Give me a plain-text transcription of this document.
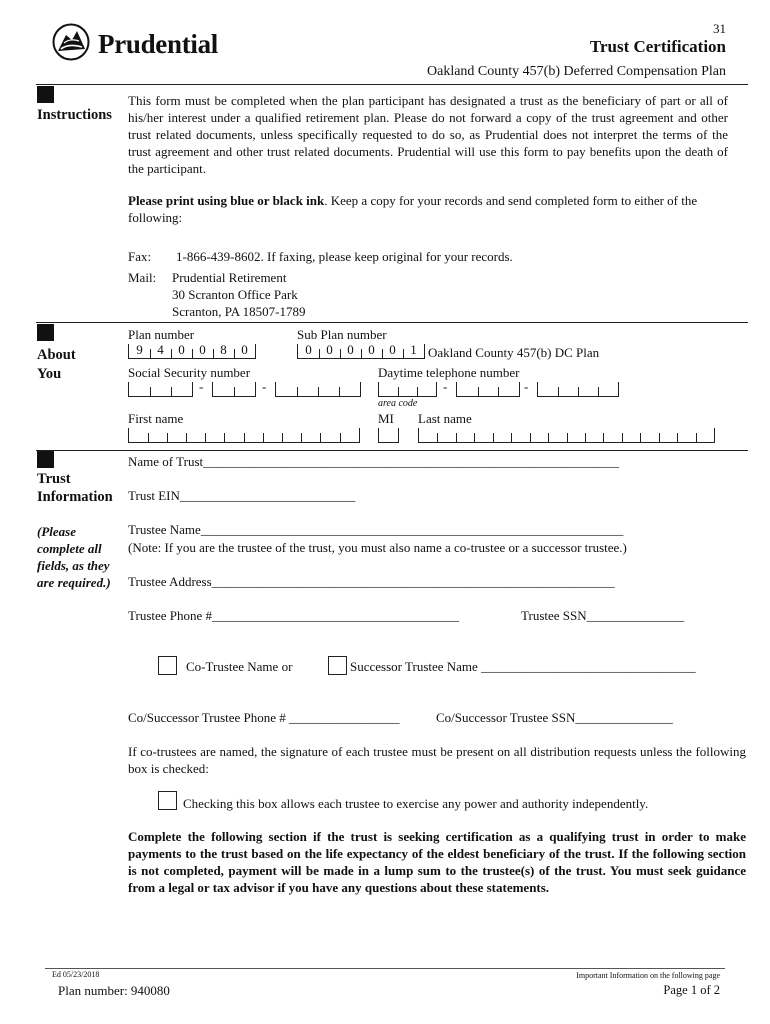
Prudential
31
Trust Certification
Oakland County 457(b) Deferred Compensation Plan
Instructions
This form must be completed when the plan participant has designated a trust as the beneficiary of part or all of his/her interest under a qualified retirement plan. Please do not forward a copy of the trust agreement and other trust related documents, unless specifically requested to do so, as Prudential does not interpret the terms of the trust agreement and other trust related documents. Prudential will use this form to pay benefits upon the death of the participant.
Please print using blue or black ink. Keep a copy for your records and send completed form to either of the following:
Fax: 1-866-439-8602. If faxing, please keep original for your records.
Mail: Prudential Retirement
30 Scranton Office Park
Scranton, PA 18507-1789
About
You
Plan number	Sub Plan number
9	4	0	0	8	0	0	0	0	0	0	1 Oakland County 457(b) DC Plan
Social Security number	Daytime telephone number
-	-	-	-
area code
First name	MI Last name
Trust
Information
(Please
complete all
fields, as they
are required.)
Name of Trust________________________________________________________________
Trust EIN___________________________
Trustee Name_________________________________________________________________
(Note: If you are the trustee of the trust, you must also name a co-trustee or a successor trustee.)
Trustee Address______________________________________________________________
Trustee Phone #______________________________________	Trustee SSN_______________
Co-Trustee Name or	Successor Trustee Name _________________________________
Co/Successor Trustee Phone # _________________	Co/Successor Trustee SSN_______________
If co-trustees are named, the signature of each trustee must be present on all distribution requests unless the following box is checked:
Checking this box allows each trustee to exercise any power and authority independently.
Complete the following section if the trust is seeking certification as a qualifying trust in order to make payments to the trust based on the life expectancy of the eldest beneficiary of the trust. If the following section is not completed, payment will be made in a lump sum to the trustee(s) of the trust. You must seek guidance from a legal or tax advisor if you have any questions about these statements.
Ed 05/23/2018
Plan number: 940080
Important Information on the following page
Page 1 of 2
